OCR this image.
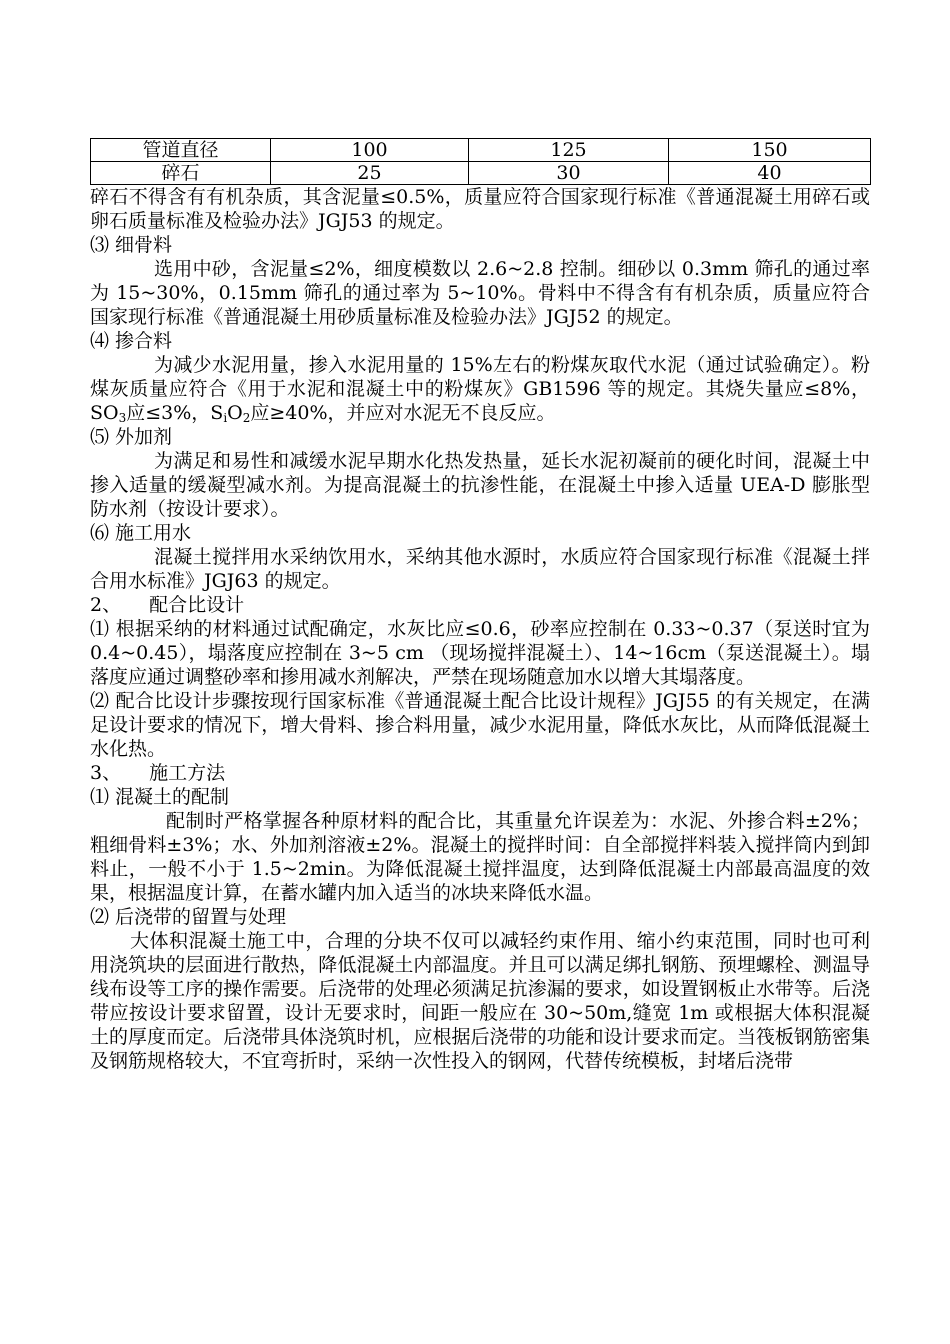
管道直径	100	125	150
碎石	25	30	40

碎石不得含有有机杂质，其含泥量≤0.5%，质量应符合国家现行标准《普通混凝土用碎石或卵石质量标准及检验办法》JGJ53 的规定。

⑶ 细骨料

选用中砂，含泥量≤2%，细度模数以 2.6~2.8 控制。细砂以 0.3mm 筛孔的通过率为 15~30%，0.15mm 筛孔的通过率为 5~10%。骨料中不得含有有机杂质，质量应符合国家现行标准《普通混凝土用砂质量标准及检验办法》JGJ52 的规定。

⑷ 掺合料

为减少水泥用量，掺入水泥用量的 15%左右的粉煤灰取代水泥（通过试验确定）。粉煤灰质量应符合《用于水泥和混凝土中的粉煤灰》GB1596 等的规定。其烧失量应≤8%，$SO_3$应≤3%，$S_iO_2$应≥40%，并应对水泥无不良反应。

⑸ 外加剂

为满足和易性和减缓水泥早期水化热发热量，延长水泥初凝前的硬化时间，混凝土中掺入适量的缓凝型减水剂。为提高混凝土的抗渗性能，在混凝土中掺入适量 UEA-D 膨胀型防水剂（按设计要求）。

⑹ 施工用水

混凝土搅拌用水采纳饮用水，采纳其他水源时，水质应符合国家现行标准《混凝土拌合用水标准》JGJ63 的规定。

2、 配合比设计

⑴ 根据采纳的材料通过试配确定，水灰比应≤0.6，砂率应控制在 0.33~0.37（泵送时宜为 0.4~0.45），塌落度应控制在 3~5 cm （现场搅拌混凝土）、14~16cm（泵送混凝土）。塌落度应通过调整砂率和掺用减水剂解决，严禁在现场随意加水以增大其塌落度。

⑵ 配合比设计步骤按现行国家标准《普通混凝土配合比设计规程》JGJ55 的有关规定，在满足设计要求的情况下，增大骨料、掺合料用量，减少水泥用量，降低水灰比，从而降低混凝土水化热。

3、 施工方法

⑴ 混凝土的配制

配制时严格掌握各种原材料的配合比，其重量允许误差为：水泥、外掺合料±2%；粗细骨料±3%；水、外加剂溶液±2%。混凝土的搅拌时间：自全部搅拌料装入搅拌筒内到卸料止，一般不小于 1.5~2min。为降低混凝土搅拌温度，达到降低混凝土内部最高温度的效果，根据温度计算，在蓄水罐内加入适当的冰块来降低水温。

⑵ 后浇带的留置与处理

大体积混凝土施工中，合理的分块不仅可以减轻约束作用、缩小约束范围，同时也可利用浇筑块的层面进行散热，降低混凝土内部温度。并且可以满足绑扎钢筋、预埋螺栓、测温导线布设等工序的操作需要。后浇带的处理必须满足抗渗漏的要求，如设置钢板止水带等。后浇带应按设计要求留置，设计无要求时，间距一般应在 30~50m,缝宽 1m 或根据大体积混凝土的厚度而定。后浇带具体浇筑时机，应根据后浇带的功能和设计要求而定。当筏板钢筋密集及钢筋规格较大，不宜弯折时，采纳一次性投入的钢网，代替传统模板，封堵后浇带
